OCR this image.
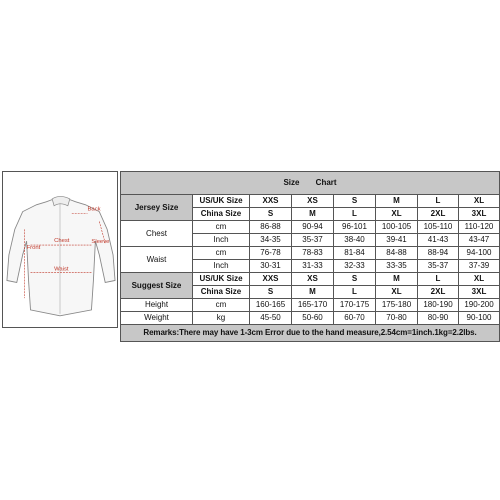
Back
Sleeve
Front
Chest
Waist
Size Chart							
Jersey Size	US/UK Size	XXS	XS	S	M	L	XL
	China Size	S	M	L	XL	2XL	3XL
Chest	cm	86-88	90-94	96-101	100-105	105-110	110-120
	Inch	34-35	35-37	38-40	39-41	41-43	43-47
Waist	cm	76-78	78-83	81-84	84-88	88-94	94-100
	Inch	30-31	31-33	32-33	33-35	35-37	37-39
Suggest Size	US/UK Size	XXS	XS	S	M	L	XL
	China Size	S	M	L	XL	2XL	3XL
Height	cm	160-165	165-170	170-175	175-180	180-190	190-200
Weight	kg	45-50	50-60	60-70	70-80	80-90	90-100
Remarks:There may have 1-3cm Error due to the hand measure,2.54cm=1inch.1kg=2.2lbs.							
